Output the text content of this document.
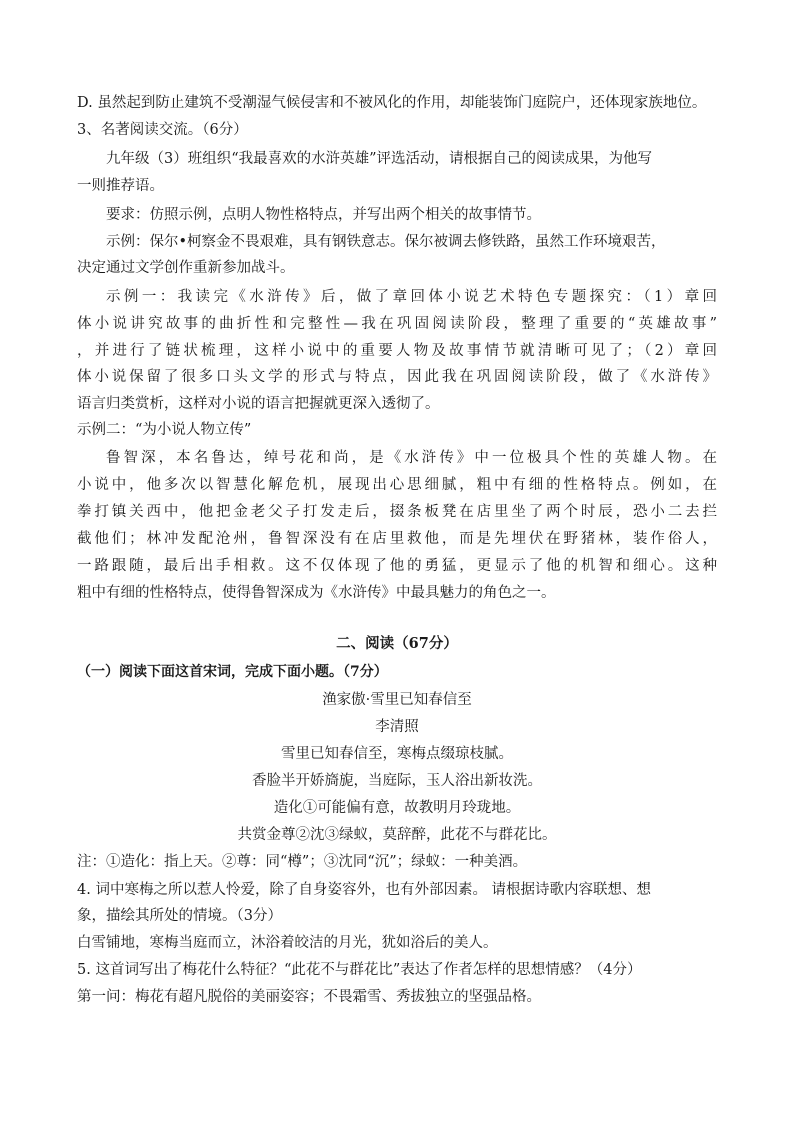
D. 虽然起到防止建筑不受潮湿气候侵害和不被风化的作用，却能装饰门庭院户，还体现家族地位。
3、名著阅读交流。（6分）
九年级（3）班组织“我最喜欢的水浒英雄”评选活动，请根据自己的阅读成果，为他写
一则推荐语。
要求：仿照示例，点明人物性格特点，并写出两个相关的故事情节。
示例：保尔•柯察金不畏艰难，具有钢铁意志。保尔被调去修铁路，虽然工作环境艰苦，
决定通过文学创作重新参加战斗。
示例一：我读完《水浒传》后，做了章回体小说艺术特色专题探究：（1）章回
体小说讲究故事的曲折性和完整性—我在巩固阅读阶段，整理了重要的“英雄故事”
，并进行了链状梳理，这样小说中的重要人物及故事情节就清晰可见了；（2）章回
体小说保留了很多口头文学的形式与特点，因此我在巩固阅读阶段，做了《水浒传》
语言归类赏析，这样对小说的语言把握就更深入透彻了。
示例二：“为小说人物立传”
鲁智深，本名鲁达，绰号花和尚，是《水浒传》中一位极具个性的英雄人物。在
小说中，他多次以智慧化解危机，展现出心思细腻，粗中有细的性格特点。例如，在
拳打镇关西中，他把金老父子打发走后，掇条板凳在店里坐了两个时辰，恐小二去拦
截他们；林冲发配沧州，鲁智深没有在店里救他，而是先埋伏在野猪林，装作俗人，
一路跟随，最后出手相救。这不仅体现了他的勇猛，更显示了他的机智和细心。这种
粗中有细的性格特点，使得鲁智深成为《水浒传》中最具魅力的角色之一。
二、阅读（67分）
（一）阅读下面这首宋词，完成下面小题。（7分）
渔家傲·雪里已知春信至
李清照
雪里已知春信至，寒梅点缀琼枝腻。
香脸半开娇旖旎，当庭际，玉人浴出新妆洗。
造化①可能偏有意，故教明月玲珑地。
共赏金尊②沈③绿蚁，莫辞醉，此花不与群花比。
注：①造化：指上天。②尊：同“樽”；③沈同“沉”；绿蚁：一种美酒。
4. 词中寒梅之所以惹人怜爱，除了自身姿容外，也有外部因素。 请根据诗歌内容联想、想
象，描绘其所处的情境。（3分）
白雪铺地，寒梅当庭而立，沐浴着皎洁的月光，犹如浴后的美人。
5. 这首词写出了梅花什么特征？“此花不与群花比”表达了作者怎样的思想情感？（4分）
第一问：梅花有超凡脱俗的美丽姿容；不畏霜雪、秀拔独立的坚强品格。
